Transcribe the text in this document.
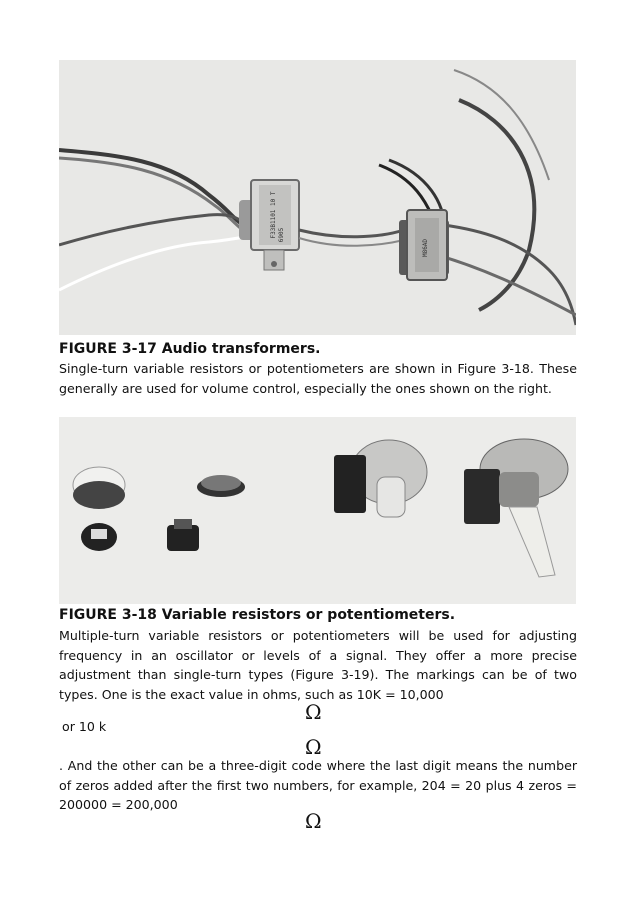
F33B1101 10 T 6905
M86AD

FIGURE 3-17 Audio transformers.

Single-turn variable resistors or potentiometers are shown in Figure 3-18. These generally are used for volume control, especially the ones shown on the right.

FIGURE 3-18 Variable resistors or potentiometers.

Multiple-turn variable resistors or potentiometers will be used for adjusting frequency in an oscillator or levels of a signal. They offer a more precise adjustment than single-turn types (Figure 3-19). The markings can be of two types. One is the exact value in ohms, such as 10K = 10,000

Ω

or 10 k

Ω

. And the other can be a three-digit code where the last digit means the number of zeros added after the first two numbers, for example, 204 = 20 plus 4 zeros = 200000 = 200,000

Ω
